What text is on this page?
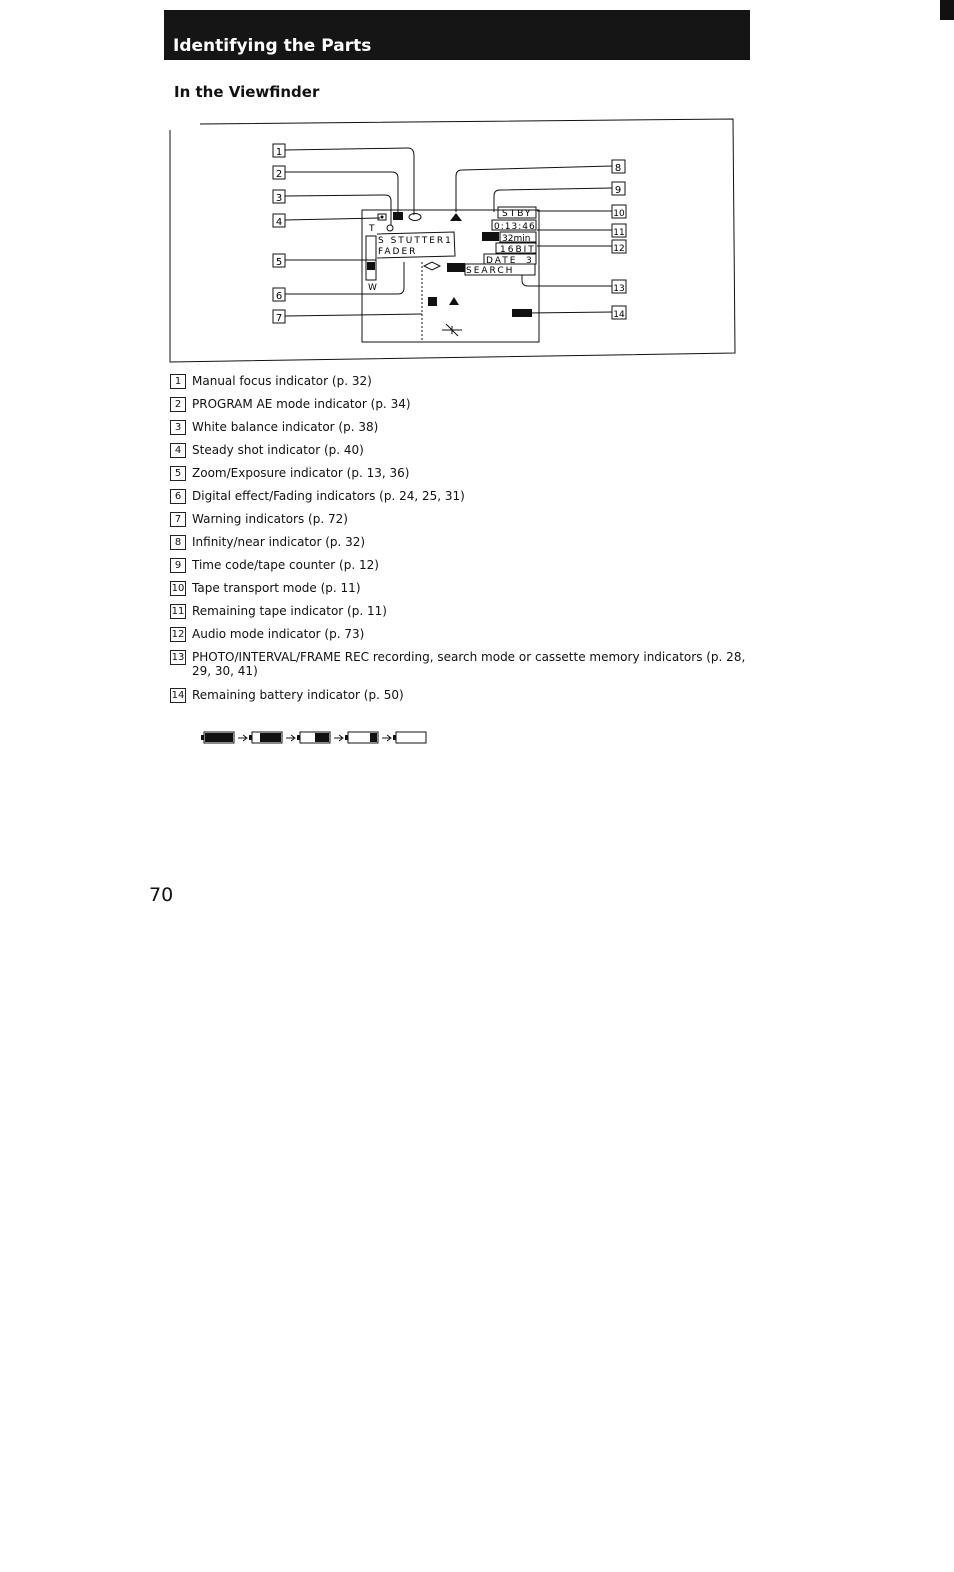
Identifying the Parts
In the Viewfinder
1
2
3
4
5
6
7
8
9
10
11
12
13
14
T
W
S STUTTER1
FADER
STBY
0:13:46
32min
16BIT
DATE 3
SEARCH
1 Manual focus indicator (p. 32)
2 PROGRAM AE mode indicator (p. 34)
3 White balance indicator (p. 38)
4 Steady shot indicator (p. 40)
5 Zoom/Exposure indicator (p. 13, 36)
6 Digital effect/Fading indicators (p. 24, 25, 31)
7 Warning indicators (p. 72)
8 Infinity/near indicator (p. 32)
9 Time code/tape counter (p. 12)
10 Tape transport mode (p. 11)
11 Remaining tape indicator (p. 11)
12 Audio mode indicator (p. 73)
13 PHOTO/INTERVAL/FRAME REC recording, search mode or cassette memory indicators (p. 28, 29, 30, 41)
14 Remaining battery indicator (p. 50)
70
